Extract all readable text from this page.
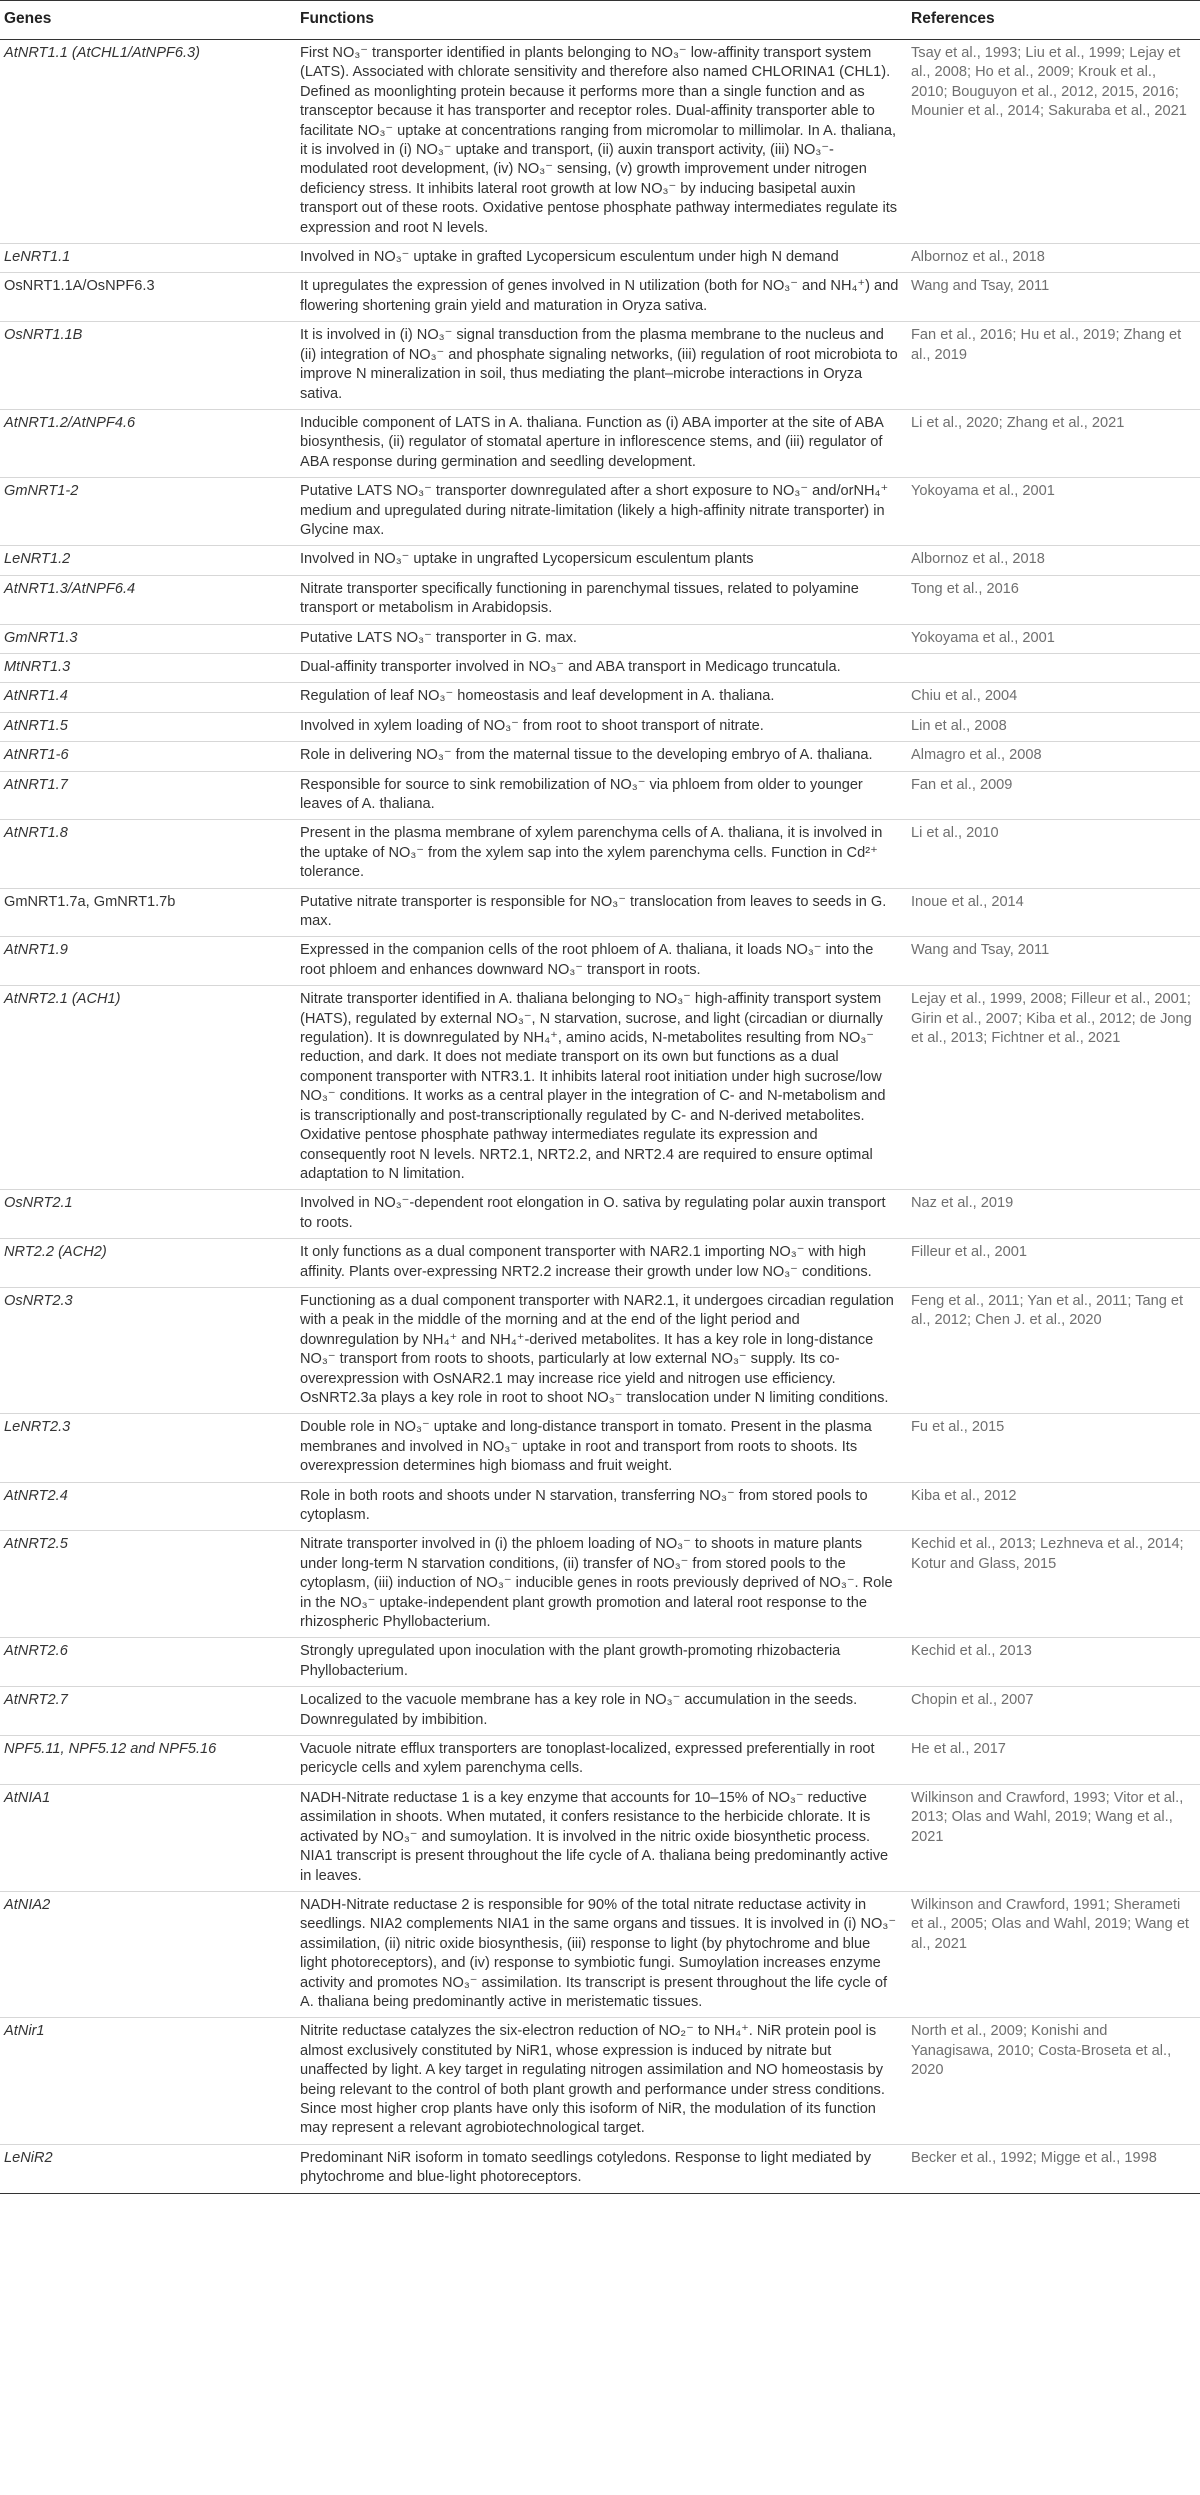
Genes	Functions	References
AtNRT1.1 (AtCHL1/AtNPF6.3)	First NO₃⁻ transporter identified in plants belonging to NO₃⁻ low-affinity transport system (LATS). Associated with chlorate sensitivity and therefore also named CHLORINA1 (CHL1). Defined as moonlighting protein because it performs more than a single function and as transceptor because it has transporter and receptor roles. Dual-affinity transporter able to facilitate NO₃⁻ uptake at concentrations ranging from micromolar to millimolar. In A. thaliana, it is involved in (i) NO₃⁻ uptake and transport, (ii) auxin transport activity, (iii) NO₃⁻-modulated root development, (iv) NO₃⁻ sensing, (v) growth improvement under nitrogen deficiency stress. It inhibits lateral root growth at low NO₃⁻ by inducing basipetal auxin transport out of these roots. Oxidative pentose phosphate pathway intermediates regulate its expression and root N levels.	Tsay et al., 1993; Liu et al., 1999; Lejay et al., 2008; Ho et al., 2009; Krouk et al., 2010; Bouguyon et al., 2012, 2015, 2016; Mounier et al., 2014; Sakuraba et al., 2021
LeNRT1.1	Involved in NO₃⁻ uptake in grafted Lycopersicum esculentum under high N demand	Albornoz et al., 2018
OsNRT1.1A/OsNPF6.3	It upregulates the expression of genes involved in N utilization (both for NO₃⁻ and NH₄⁺) and flowering shortening grain yield and maturation in Oryza sativa.	Wang and Tsay, 2011
OsNRT1.1B	It is involved in (i) NO₃⁻ signal transduction from the plasma membrane to the nucleus and (ii) integration of NO₃⁻ and phosphate signaling networks, (iii) regulation of root microbiota to improve N mineralization in soil, thus mediating the plant–microbe interactions in Oryza sativa.	Fan et al., 2016; Hu et al., 2019; Zhang et al., 2019
AtNRT1.2/AtNPF4.6	Inducible component of LATS in A. thaliana. Function as (i) ABA importer at the site of ABA biosynthesis, (ii) regulator of stomatal aperture in inflorescence stems, and (iii) regulator of ABA response during germination and seedling development.	Li et al., 2020; Zhang et al., 2021
GmNRT1-2	Putative LATS NO₃⁻ transporter downregulated after a short exposure to NO₃⁻ and/orNH₄⁺ medium and upregulated during nitrate-limitation (likely a high-affinity nitrate transporter) in Glycine max.	Yokoyama et al., 2001
LeNRT1.2	Involved in NO₃⁻ uptake in ungrafted Lycopersicum esculentum plants	Albornoz et al., 2018
AtNRT1.3/AtNPF6.4	Nitrate transporter specifically functioning in parenchymal tissues, related to polyamine transport or metabolism in Arabidopsis.	Tong et al., 2016
GmNRT1.3	Putative LATS NO₃⁻ transporter in G. max.	Yokoyama et al., 2001
MtNRT1.3	Dual-affinity transporter involved in NO₃⁻ and ABA transport in Medicago truncatula.	
AtNRT1.4	Regulation of leaf NO₃⁻ homeostasis and leaf development in A. thaliana.	Chiu et al., 2004
AtNRT1.5	Involved in xylem loading of NO₃⁻ from root to shoot transport of nitrate.	Lin et al., 2008
AtNRT1-6	Role in delivering NO₃⁻ from the maternal tissue to the developing embryo of A. thaliana.	Almagro et al., 2008
AtNRT1.7	Responsible for source to sink remobilization of NO₃⁻ via phloem from older to younger leaves of A. thaliana.	Fan et al., 2009
AtNRT1.8	Present in the plasma membrane of xylem parenchyma cells of A. thaliana, it is involved in the uptake of NO₃⁻ from the xylem sap into the xylem parenchyma cells. Function in Cd²⁺ tolerance.	Li et al., 2010
GmNRT1.7a, GmNRT1.7b	Putative nitrate transporter is responsible for NO₃⁻ translocation from leaves to seeds in G. max.	Inoue et al., 2014
AtNRT1.9	Expressed in the companion cells of the root phloem of A. thaliana, it loads NO₃⁻ into the root phloem and enhances downward NO₃⁻ transport in roots.	Wang and Tsay, 2011
AtNRT2.1 (ACH1)	Nitrate transporter identified in A. thaliana belonging to NO₃⁻ high-affinity transport system (HATS), regulated by external NO₃⁻, N starvation, sucrose, and light (circadian or diurnally regulation). It is downregulated by NH₄⁺, amino acids, N-metabolites resulting from NO₃⁻ reduction, and dark. It does not mediate transport on its own but functions as a dual component transporter with NTR3.1. It inhibits lateral root initiation under high sucrose/low NO₃⁻ conditions. It works as a central player in the integration of C- and N-metabolism and is transcriptionally and post-transcriptionally regulated by C- and N-derived metabolites. Oxidative pentose phosphate pathway intermediates regulate its expression and consequently root N levels. NRT2.1, NRT2.2, and NRT2.4 are required to ensure optimal adaptation to N limitation.	Lejay et al., 1999, 2008; Filleur et al., 2001; Girin et al., 2007; Kiba et al., 2012; de Jong et al., 2013; Fichtner et al., 2021
OsNRT2.1	Involved in NO₃⁻-dependent root elongation in O. sativa by regulating polar auxin transport to roots.	Naz et al., 2019
NRT2.2 (ACH2)	It only functions as a dual component transporter with NAR2.1 importing NO₃⁻ with high affinity. Plants over-expressing NRT2.2 increase their growth under low NO₃⁻ conditions.	Filleur et al., 2001
OsNRT2.3	Functioning as a dual component transporter with NAR2.1, it undergoes circadian regulation with a peak in the middle of the morning and at the end of the light period and downregulation by NH₄⁺ and NH₄⁺-derived metabolites. It has a key role in long-distance NO₃⁻ transport from roots to shoots, particularly at low external NO₃⁻ supply. Its co-overexpression with OsNAR2.1 may increase rice yield and nitrogen use efficiency. OsNRT2.3a plays a key role in root to shoot NO₃⁻ translocation under N limiting conditions.	Feng et al., 2011; Yan et al., 2011; Tang et al., 2012; Chen J. et al., 2020
LeNRT2.3	Double role in NO₃⁻ uptake and long-distance transport in tomato. Present in the plasma membranes and involved in NO₃⁻ uptake in root and transport from roots to shoots. Its overexpression determines high biomass and fruit weight.	Fu et al., 2015
AtNRT2.4	Role in both roots and shoots under N starvation, transferring NO₃⁻ from stored pools to cytoplasm.	Kiba et al., 2012
AtNRT2.5	Nitrate transporter involved in (i) the phloem loading of NO₃⁻ to shoots in mature plants under long-term N starvation conditions, (ii) transfer of NO₃⁻ from stored pools to the cytoplasm, (iii) induction of NO₃⁻ inducible genes in roots previously deprived of NO₃⁻. Role in the NO₃⁻ uptake-independent plant growth promotion and lateral root response to the rhizospheric Phyllobacterium.	Kechid et al., 2013; Lezhneva et al., 2014; Kotur and Glass, 2015
AtNRT2.6	Strongly upregulated upon inoculation with the plant growth-promoting rhizobacteria Phyllobacterium.	Kechid et al., 2013
AtNRT2.7	Localized to the vacuole membrane has a key role in NO₃⁻ accumulation in the seeds. Downregulated by imbibition.	Chopin et al., 2007
NPF5.11, NPF5.12 and NPF5.16	Vacuole nitrate efflux transporters are tonoplast-localized, expressed preferentially in root pericycle cells and xylem parenchyma cells.	He et al., 2017
AtNIA1	NADH-Nitrate reductase 1 is a key enzyme that accounts for 10–15% of NO₃⁻ reductive assimilation in shoots. When mutated, it confers resistance to the herbicide chlorate. It is activated by NO₃⁻ and sumoylation. It is involved in the nitric oxide biosynthetic process. NIA1 transcript is present throughout the life cycle of A. thaliana being predominantly active in leaves.	Wilkinson and Crawford, 1993; Vitor et al., 2013; Olas and Wahl, 2019; Wang et al., 2021
AtNIA2	NADH-Nitrate reductase 2 is responsible for 90% of the total nitrate reductase activity in seedlings. NIA2 complements NIA1 in the same organs and tissues. It is involved in (i) NO₃⁻ assimilation, (ii) nitric oxide biosynthesis, (iii) response to light (by phytochrome and blue light photoreceptors), and (iv) response to symbiotic fungi. Sumoylation increases enzyme activity and promotes NO₃⁻ assimilation. Its transcript is present throughout the life cycle of A. thaliana being predominantly active in meristematic tissues.	Wilkinson and Crawford, 1991; Sherameti et al., 2005; Olas and Wahl, 2019; Wang et al., 2021
AtNir1	Nitrite reductase catalyzes the six-electron reduction of NO₂⁻ to NH₄⁺. NiR protein pool is almost exclusively constituted by NiR1, whose expression is induced by nitrate but unaffected by light. A key target in regulating nitrogen assimilation and NO homeostasis by being relevant to the control of both plant growth and performance under stress conditions. Since most higher crop plants have only this isoform of NiR, the modulation of its function may represent a relevant agrobiotechnological target.	North et al., 2009; Konishi and Yanagisawa, 2010; Costa-Broseta et al., 2020
LeNiR2	Predominant NiR isoform in tomato seedlings cotyledons. Response to light mediated by phytochrome and blue-light photoreceptors.	Becker et al., 1992; Migge et al., 1998
